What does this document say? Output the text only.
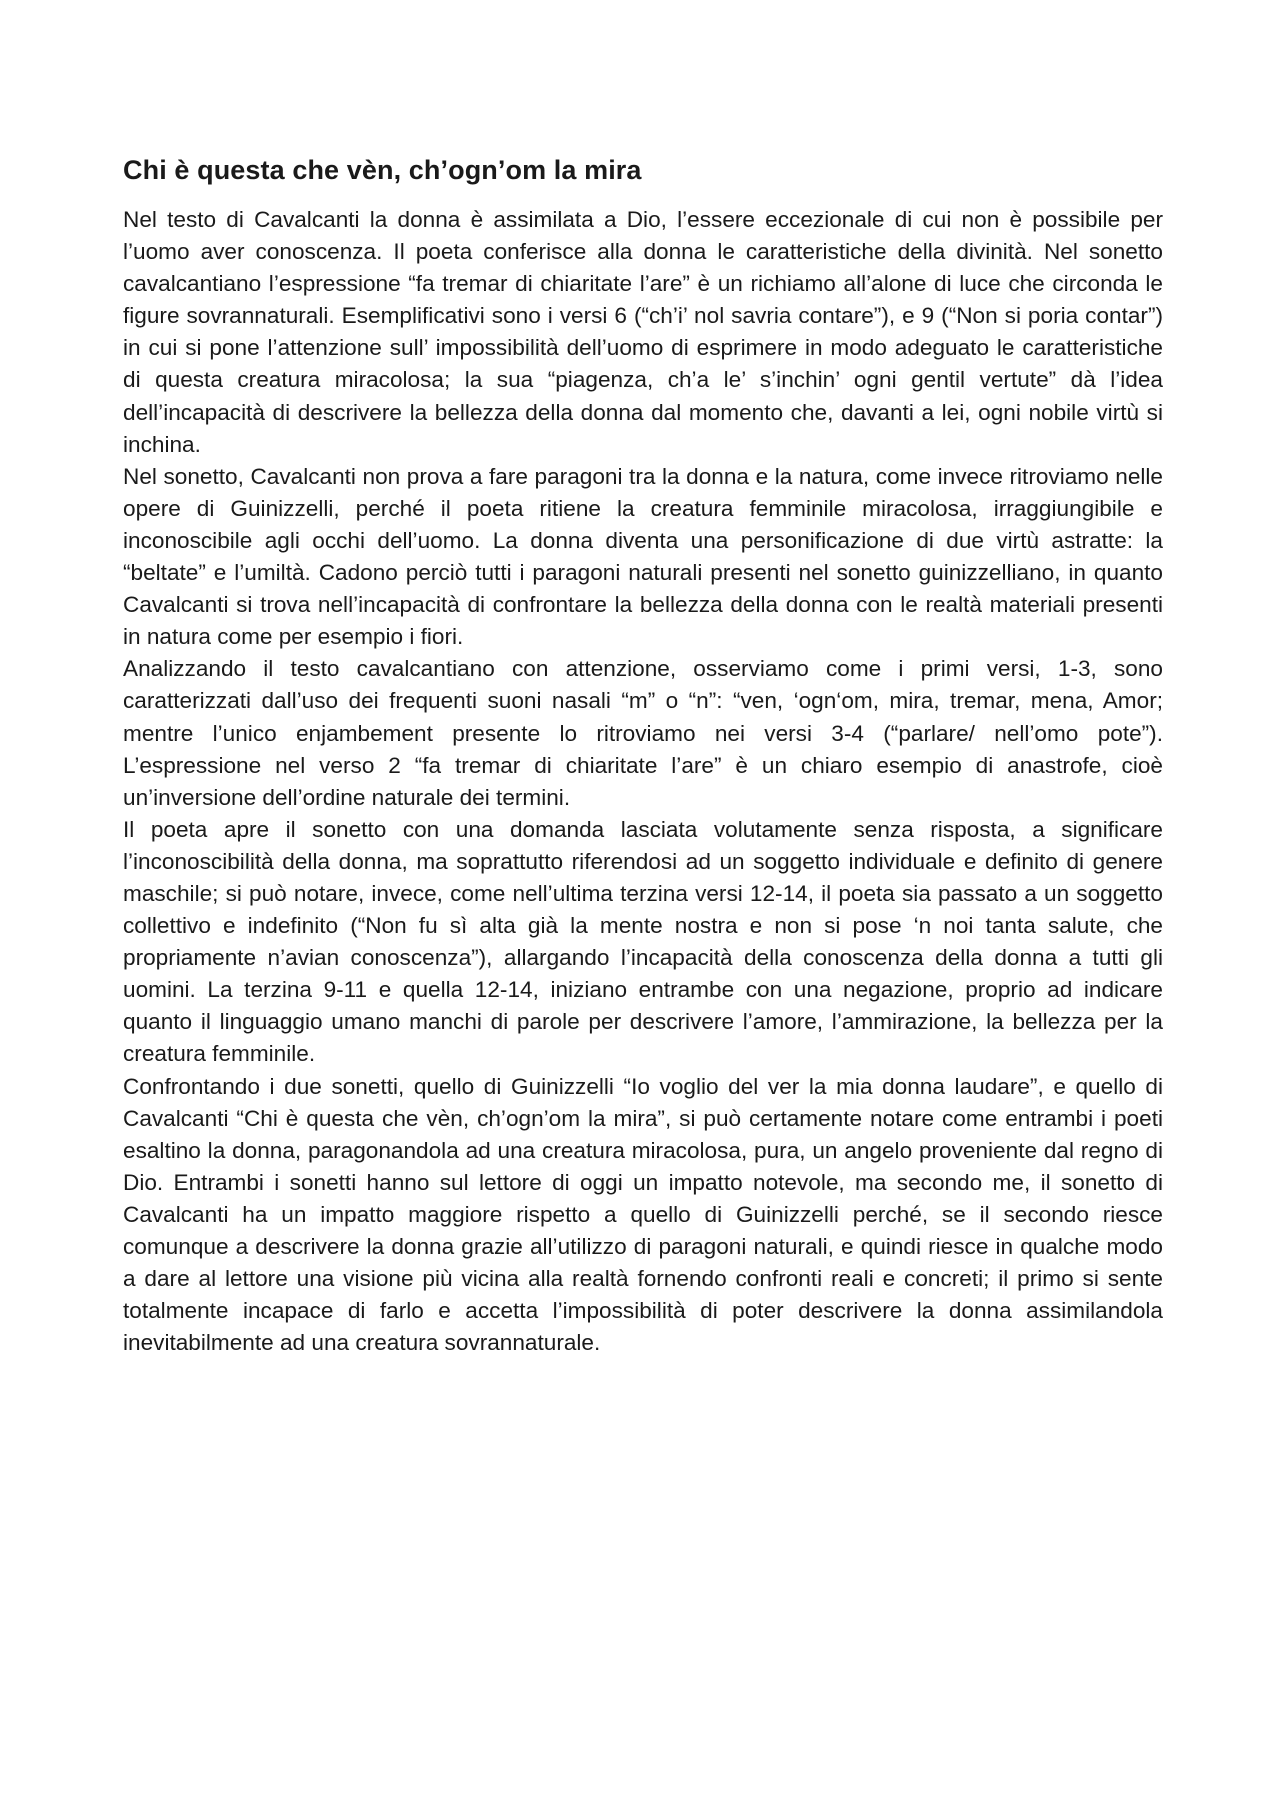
Chi è questa che vèn, ch’ogn’om la mira

Nel testo di Cavalcanti la donna è assimilata a Dio, l’essere eccezionale di cui non è possibile per l’uomo aver conoscenza. Il poeta conferisce alla donna le caratteristiche della divinità. Nel sonetto cavalcantiano l’espressione “fa tremar di chiaritate l’are” è un richiamo all’alone di luce che circonda le figure sovrannaturali. Esemplificativi sono i versi 6 (“ch’i’ nol savria contare”), e 9 (“Non si poria contar”) in cui si pone l’attenzione sull’ impossibilità dell’uomo di esprimere in modo adeguato le caratteristiche di questa creatura miracolosa; la sua “piagenza, ch’a le’ s’inchin’ ogni gentil vertute” dà l’idea dell’incapacità di descrivere la bellezza della donna dal momento che, davanti a lei, ogni nobile virtù si inchina.

Nel sonetto, Cavalcanti non prova a fare paragoni tra la donna e la natura, come invece ritroviamo nelle opere di Guinizzelli, perché il poeta ritiene la creatura femminile miracolosa, irraggiungibile e inconoscibile agli occhi dell’uomo. La donna diventa una personificazione di due virtù astratte: la “beltate” e l’umiltà. Cadono perciò tutti i paragoni naturali presenti nel sonetto guinizzelliano, in quanto Cavalcanti si trova nell’incapacità di confrontare la bellezza della donna con le realtà materiali presenti in natura come per esempio i fiori.

Analizzando il testo cavalcantiano con attenzione, osserviamo come i primi versi, 1-3, sono caratterizzati dall’uso dei frequenti suoni nasali “m” o “n”: “ven, ‘ogn‘om, mira, tremar, mena, Amor; mentre l’unico enjambement presente lo ritroviamo nei versi 3-4 (“parlare/ nell’omo pote”). L’espressione nel verso 2 “fa tremar di chiaritate l’are” è un chiaro esempio di anastrofe, cioè un’inversione dell’ordine naturale dei termini.

Il poeta apre il sonetto con una domanda lasciata volutamente senza risposta, a significare l’inconoscibilità della donna, ma soprattutto riferendosi ad un soggetto individuale e definito di genere maschile; si può notare, invece, come nell’ultima terzina versi 12-14, il poeta sia passato a un soggetto collettivo e indefinito (“Non fu sì alta già la mente nostra e non si pose ‘n noi tanta salute, che propriamente n’avian conoscenza”), allargando l’incapacità della conoscenza della donna a tutti gli uomini. La terzina 9-11 e quella 12-14, iniziano entrambe con una negazione, proprio ad indicare quanto il linguaggio umano manchi di parole per descrivere l’amore, l’ammirazione, la bellezza per la creatura femminile.

Confrontando i due sonetti, quello di Guinizzelli “Io voglio del ver la mia donna laudare”, e quello di Cavalcanti “Chi è questa che vèn, ch’ogn’om la mira”, si può certamente notare come entrambi i poeti esaltino la donna, paragonandola ad una creatura miracolosa, pura, un angelo proveniente dal regno di Dio. Entrambi i sonetti hanno sul lettore di oggi un impatto notevole, ma secondo me, il sonetto di Cavalcanti ha un impatto maggiore rispetto a quello di Guinizzelli perché, se il secondo riesce comunque a descrivere la donna grazie all’utilizzo di paragoni naturali, e quindi riesce in qualche modo a dare al lettore una visione più vicina alla realtà fornendo confronti reali e concreti; il primo si sente totalmente incapace di farlo e accetta l’impossibilità di poter descrivere la donna assimilandola inevitabilmente ad una creatura sovrannaturale.
